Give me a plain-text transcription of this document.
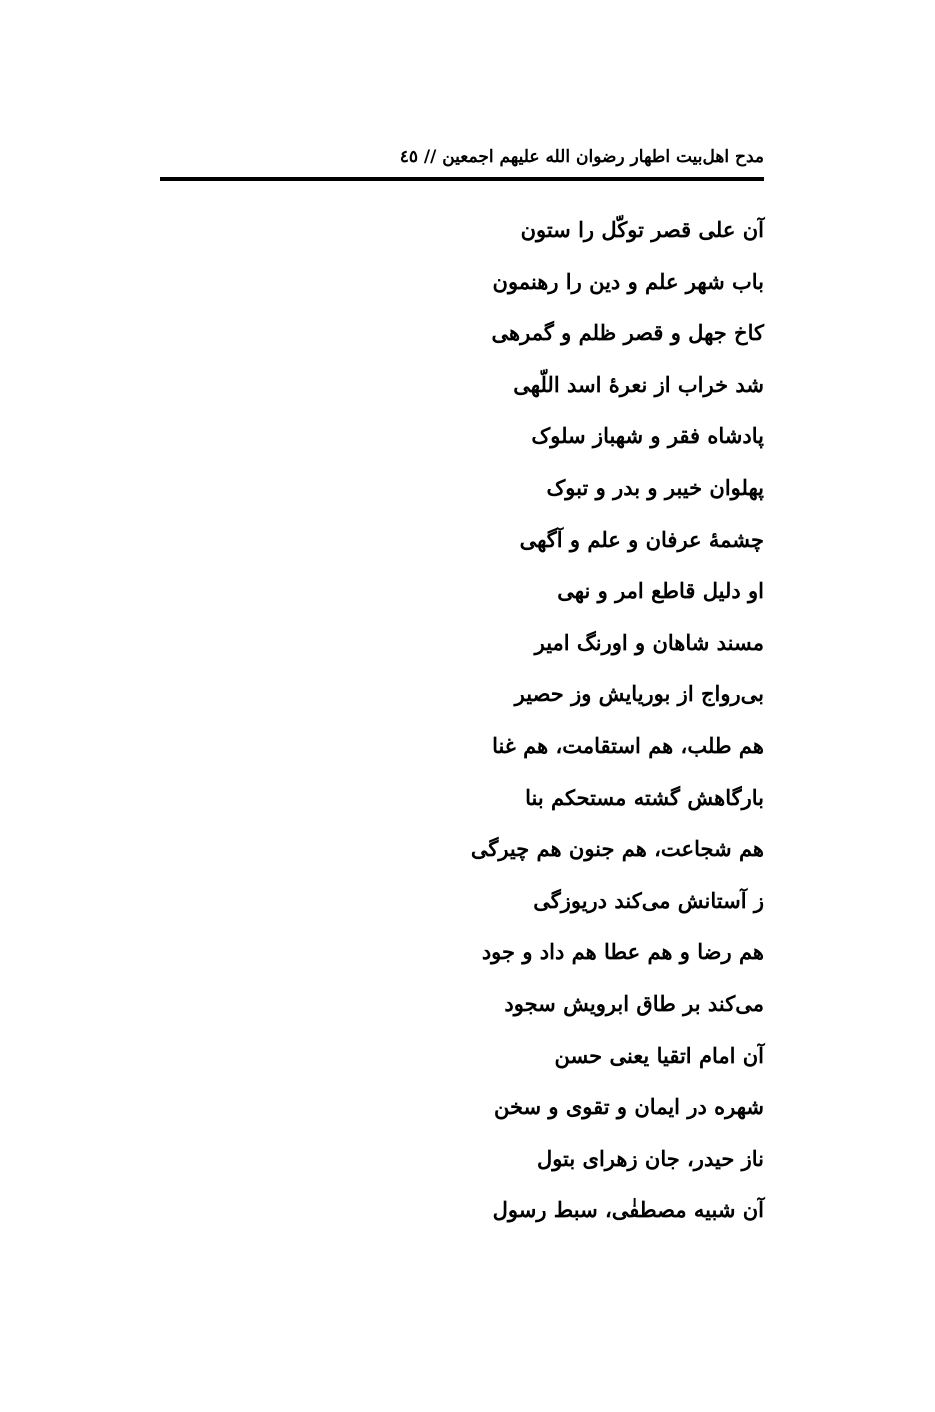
مدح اهل‌بیت اطهار رضوان الله علیهم اجمعین // ٤٥
آن علی قصر توکّل را ستون
باب شهر علم و دین را رهنمون
کاخ جهل و قصر ظلم و گمرهی
شد خراب از نعرهٔ اسد اللّهی
پادشاه فقر و شهباز سلوک
پهلوان خیبر و بدر و تبوک
چشمهٔ عرفان و علم و آگهی
او دلیل قاطع امر و نهی
مسند شاهان و اورنگ امیر
بی‌رواج از بوریایش وز حصیر
هم طلب، هم استقامت، هم غنا
بارگاهش گشته مستحکم بنا
هم شجاعت، هم جنون هم چیرگی
ز آستانش می‌کند دریوزگی
هم رضا و هم عطا هم داد و جود
می‌کند بر طاق ابرویش سجود
آن امام اتقیا یعنی حسن
شهره در ایمان و تقوی و سخن
ناز حیدر، جان زهرای بتول
آن شبیه مصطفٰی، سبط رسول
